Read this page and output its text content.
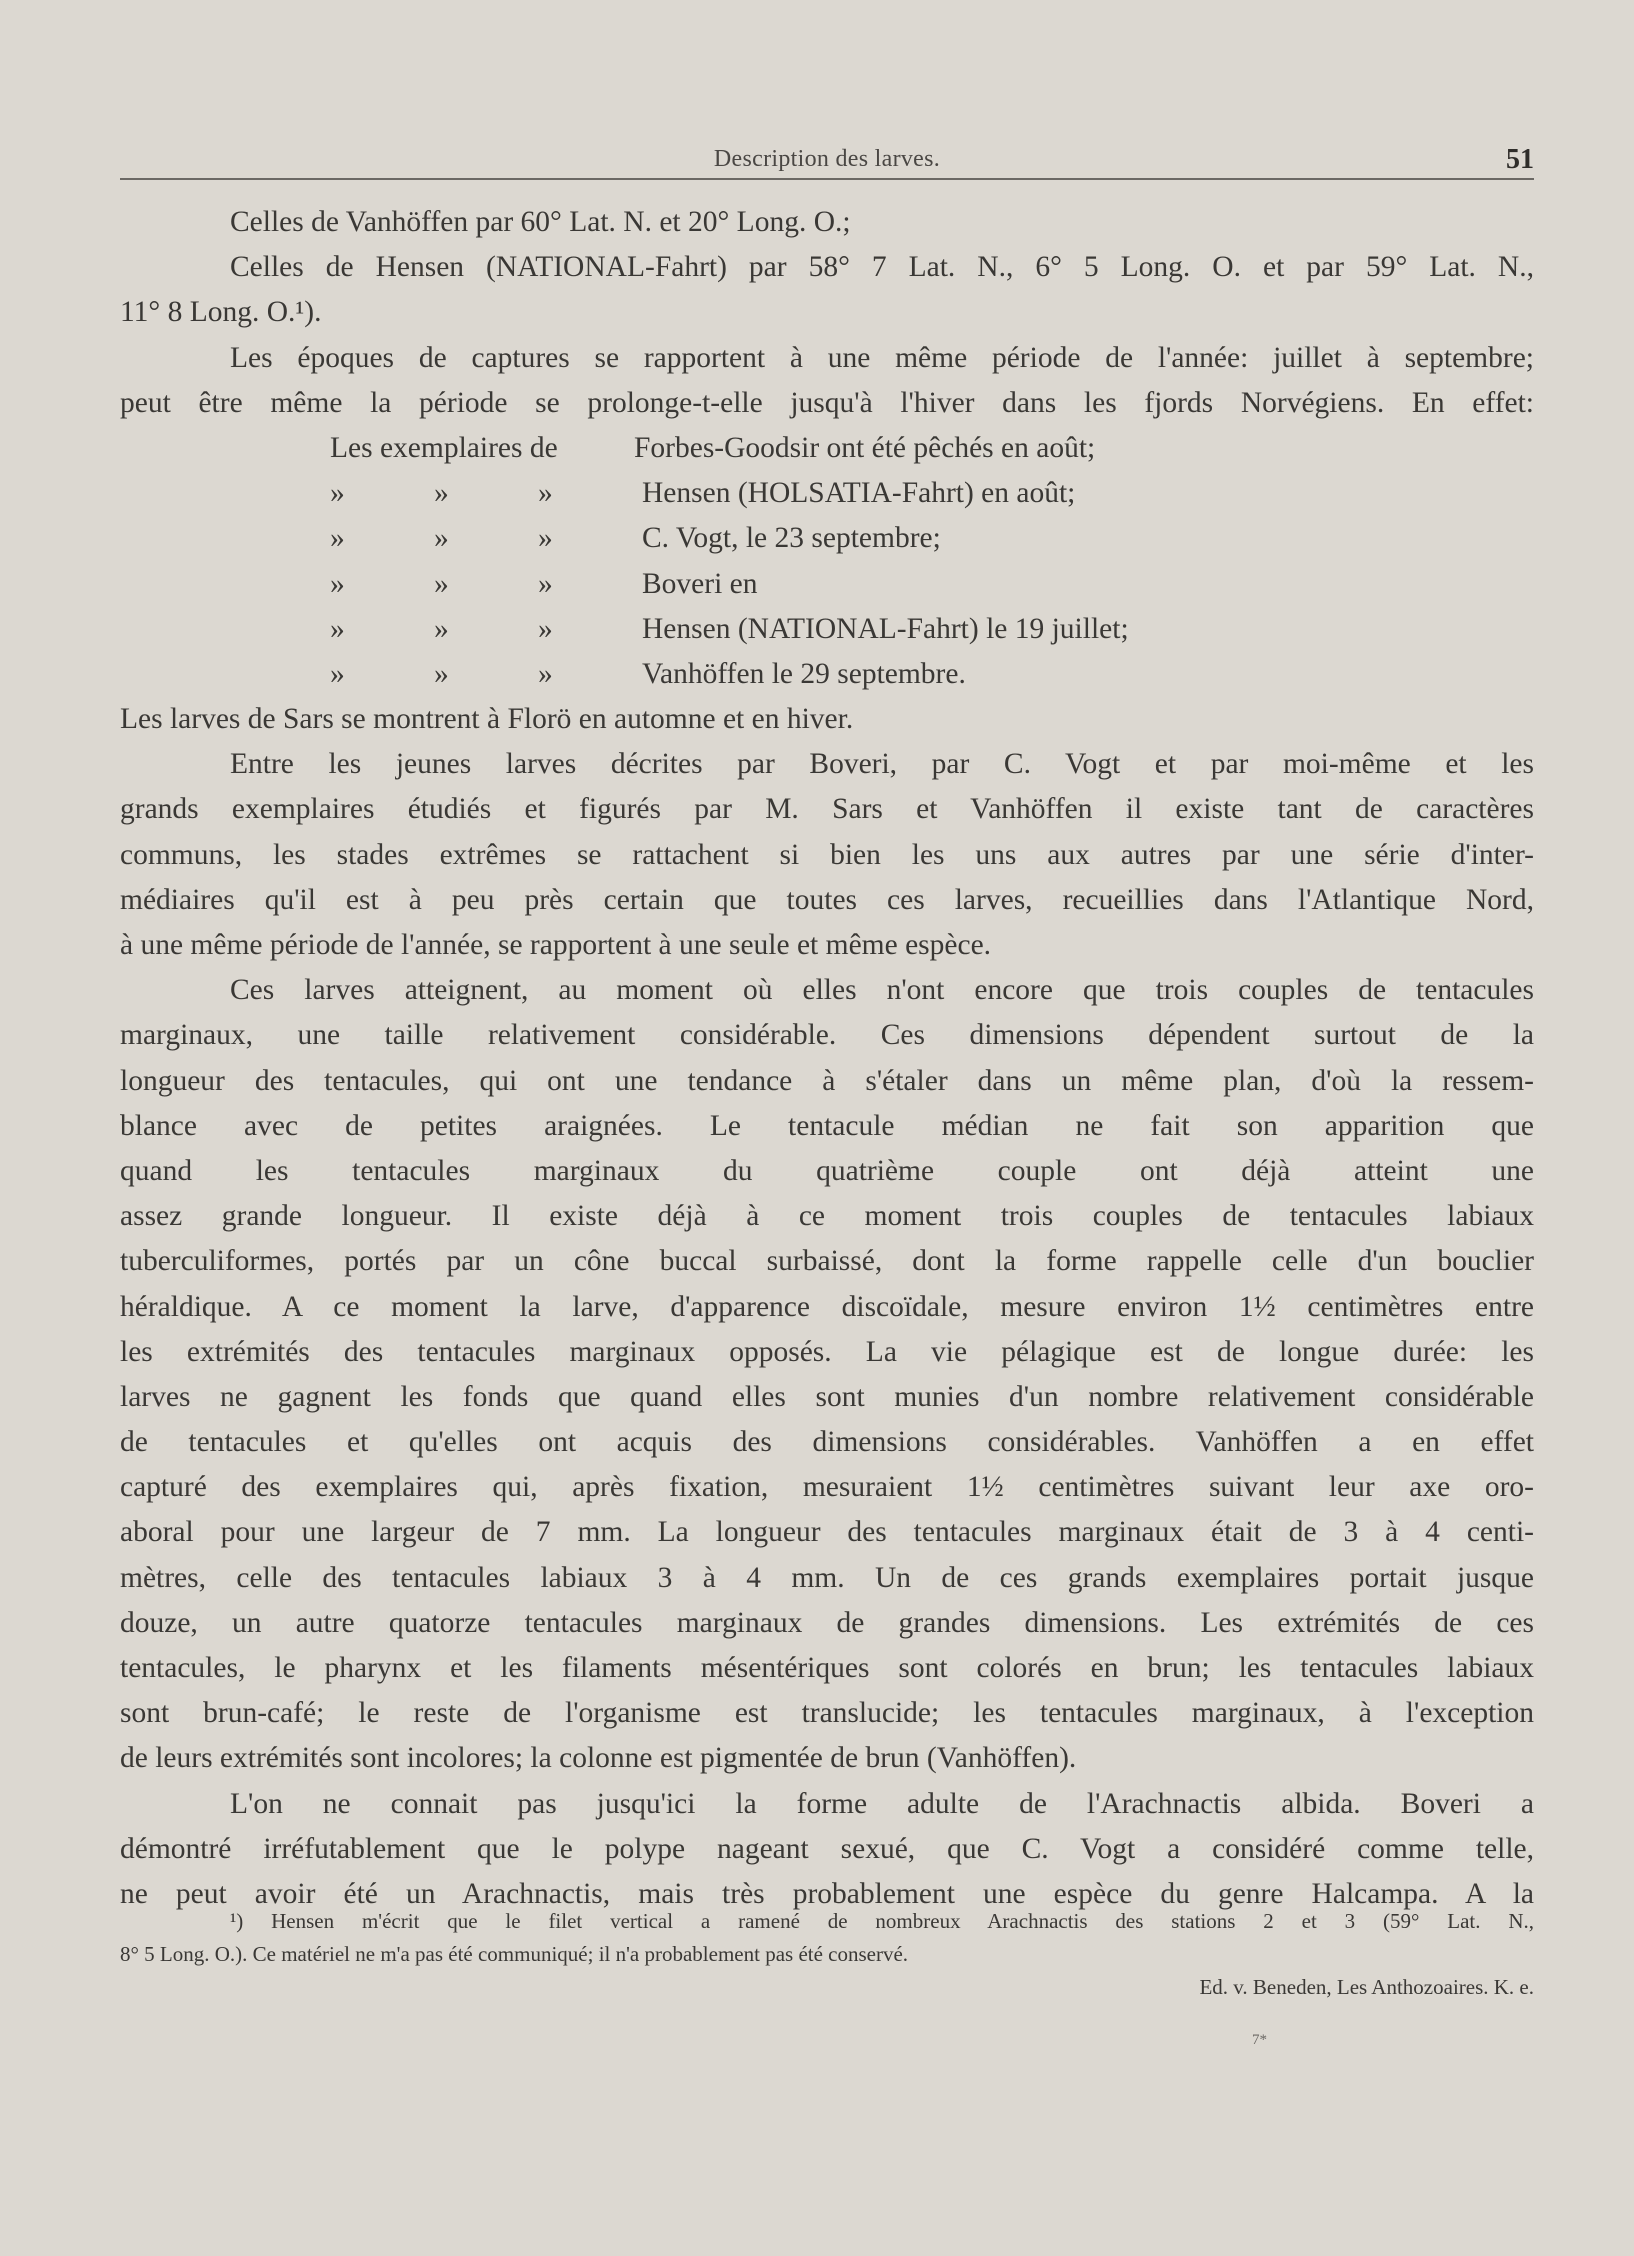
Description des larves.	51
Celles de Vanhöffen par 60° Lat. N. et 20° Long. O.;
Celles de Hensen (NATIONAL-Fahrt) par 58° 7 Lat. N., 6° 5 Long. O. et par 59° Lat. N.,
11° 8 Long. O.¹).
Les époques de captures se rapportent à une même période de l'année: juillet à septembre;
peut être même la période se prolonge-t-elle jusqu'à l'hiver dans les fjords Norvégiens. En effet:
Les exemplaires de	Forbes-Goodsir ont été pêchés en août;
»	»	»	Hensen (HOLSATIA-Fahrt) en août;
»	»	»	C. Vogt, le 23 septembre;
»	»	»	Boveri en
»	»	»	Hensen (NATIONAL-Fahrt) le 19 juillet;
»	»	»	Vanhöffen le 29 septembre.
Les larves de Sars se montrent à Florö en automne et en hiver.
Entre les jeunes larves décrites par Boveri, par C. Vogt et par moi-même et les
grands exemplaires étudiés et figurés par M. Sars et Vanhöffen il existe tant de caractères
communs, les stades extrêmes se rattachent si bien les uns aux autres par une série d'inter-
médiaires qu'il est à peu près certain que toutes ces larves, recueillies dans l'Atlantique Nord,
à une même période de l'année, se rapportent à une seule et même espèce.
Ces larves atteignent, au moment où elles n'ont encore que trois couples de tentacules
marginaux, une taille relativement considérable. Ces dimensions dépendent surtout de la
longueur des tentacules, qui ont une tendance à s'étaler dans un même plan, d'où la ressem-
blance avec de petites araignées. Le tentacule médian ne fait son apparition que
quand les tentacules marginaux du quatrième couple ont déjà atteint une
assez grande longueur. Il existe déjà à ce moment trois couples de tentacules labiaux
tuberculiformes, portés par un cône buccal surbaissé, dont la forme rappelle celle d'un bouclier
héraldique. A ce moment la larve, d'apparence discoïdale, mesure environ 1½ centimètres entre
les extrémités des tentacules marginaux opposés. La vie pélagique est de longue durée: les
larves ne gagnent les fonds que quand elles sont munies d'un nombre relativement considérable
de tentacules et qu'elles ont acquis des dimensions considérables. Vanhöffen a en effet
capturé des exemplaires qui, après fixation, mesuraient 1½ centimètres suivant leur axe oro-
aboral pour une largeur de 7 mm. La longueur des tentacules marginaux était de 3 à 4 centi-
mètres, celle des tentacules labiaux 3 à 4 mm. Un de ces grands exemplaires portait jusque
douze, un autre quatorze tentacules marginaux de grandes dimensions. Les extrémités de ces
tentacules, le pharynx et les filaments mésentériques sont colorés en brun; les tentacules labiaux
sont brun-café; le reste de l'organisme est translucide; les tentacules marginaux, à l'exception
de leurs extrémités sont incolores; la colonne est pigmentée de brun (Vanhöffen).
L'on ne connait pas jusqu'ici la forme adulte de l'Arachnactis albida. Boveri a
démontré irréfutablement que le polype nageant sexué, que C. Vogt a considéré comme telle,
ne peut avoir été un Arachnactis, mais très probablement une espèce du genre Halcampa. A la
¹) Hensen m'écrit que le filet vertical a ramené de nombreux Arachnactis des stations 2 et 3 (59° Lat. N.,
8° 5 Long. O.). Ce matériel ne m'a pas été communiqué; il n'a probablement pas été conservé.
Ed. v. Beneden, Les Anthozoaires. K. e.
7*
